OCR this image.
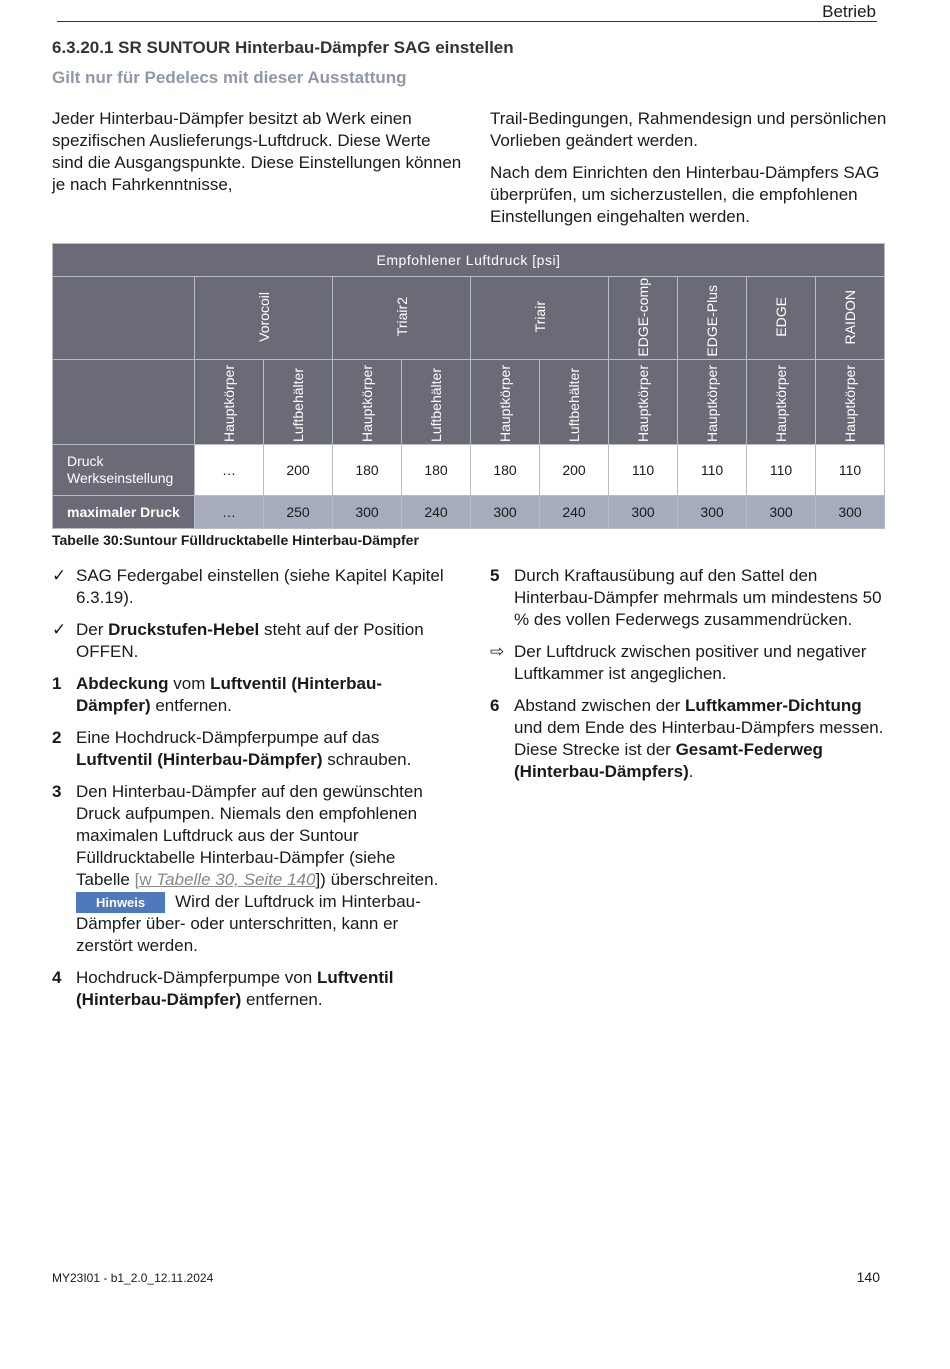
Betrieb
6.3.20.1 SR SUNTOUR Hinterbau-Dämpfer SAG einstellen
Gilt nur für Pedelecs mit dieser Ausstattung

Jeder Hinterbau-Dämpfer besitzt ab Werk einen spezifischen Auslieferungs-Luftdruck. Diese Werte sind die Ausgangspunkte. Diese Einstellungen können je nach Fahrkenntnisse,

Trail-Bedingungen, Rahmendesign und persönlichen Vorlieben geändert werden.

Nach dem Einrichten den Hinterbau-Dämpfers SAG überprüfen, um sicherzustellen, die empfohlenen Einstellungen eingehalten werden.

Empfohlener Luftdruck [psi]										

	Vorocoil		Triair2		Triair		EDGE-comp	EDGE-Plus	EDGE	RAIDON

	Hauptkörper	Luftbehälter	Hauptkörper	Luftbehälter	Hauptkörper	Luftbehälter	Hauptkörper	Hauptkörper	Hauptkörper	Hauptkörper

Druck Werkseinstellung	…	200	180	180	180	200	110	110	110	110
maximaler Druck	…	250	300	240	300	240	300	300	300	300
Tabelle 30:Suntour Fülldrucktabelle Hinterbau-Dämpfer
✓ SAG Federgabel einstellen (siehe Kapitel Kapitel 6.3.19).
✓ Der Druckstufen-Hebel steht auf der Position OFFEN.
1 Abdeckung vom Luftventil (Hinterbau-Dämpfer) entfernen.
2 Eine Hochdruck-Dämpferpumpe auf das Luftventil (Hinterbau-Dämpfer) schrauben.
3 Den Hinterbau-Dämpfer auf den gewünschten Druck aufpumpen. Niemals den empfohlenen maximalen Luftdruck aus der Suntour Fülldrucktabelle Hinterbau-Dämpfer (siehe Tabelle [w Tabelle 30, Seite 140]) überschreiten.
Hinweis Wird der Luftdruck im Hinterbau-Dämpfer über- oder unterschritten, kann er zerstört werden.
4 Hochdruck-Dämpferpumpe von Luftventil (Hinterbau-Dämpfer) entfernen.
5 Durch Kraftausübung auf den Sattel den Hinterbau-Dämpfer mehrmals um mindestens 50 % des vollen Federwegs zusammendrücken.
⇨ Der Luftdruck zwischen positiver und negativer Luftkammer ist angeglichen.
6 Abstand zwischen der Luftkammer-Dichtung und dem Ende des Hinterbau-Dämpfers messen. Diese Strecke ist der Gesamt-Federweg (Hinterbau-Dämpfers).
MY23I01 - b1_2.0_12.11.2024	140
